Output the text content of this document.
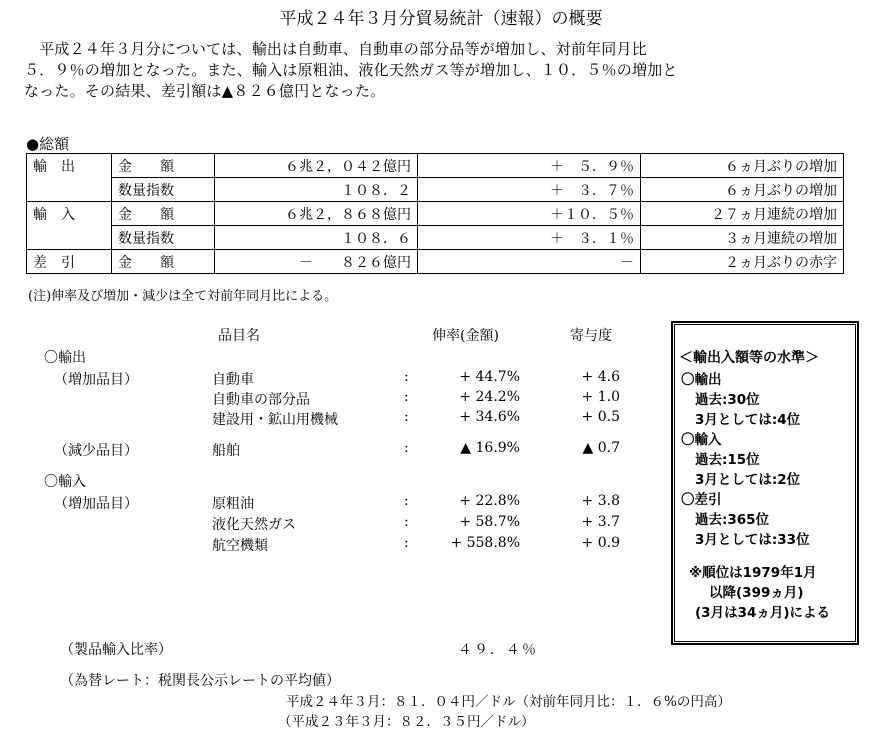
平成２４年３月分貿易統計（速報）の概要
　平成２４年３月分については、輸出は自動車、自動車の部分品等が増加し、対前年同月比
５．９％の増加となった。また、輸入は原粗油、液化天然ガス等が増加し、１０．５％の増加と
なった。その結果、差引額は▲８２６億円となった。
●総額
輸　出	金　　額	６兆２，０４２億円	＋　５．９％	６ヵ月ぶりの増加
	数量指数	１０８．２	＋　３．７％	６ヵ月ぶりの増加
輸　入	金　　額	６兆２，８６８億円	＋１０．５％	２７ヵ月連続の増加
	数量指数	１０８．６	＋　３．１％	３ヵ月連続の増加
差　引	金　　額	－　　８２６億円	－	２ヵ月ぶりの赤字
(注)伸率及び増加・減少は全て対前年同月比による。
品目名	伸率(金額)	寄与度
〇輸出
（増加品目）	自動車	:	+ 44.7%	+ 4.6
自動車の部分品	:	+ 24.2%	+ 1.0
建設用・鉱山用機械	:	+ 34.6%	+ 0.5
（減少品目）	船舶	:	▲ 16.9%	▲ 0.7
〇輸入
（増加品目）	原粗油	:	+ 22.8%	+ 3.8
液化天然ガス	:	+ 58.7%	+ 3.7
航空機類	:	+ 558.8%	+ 0.9
（製品輸入比率）	４９．４％
（為替レート：税関長公示レートの平均値）
平成２４年３月：８１．０４円／ドル（対前年同月比：１．６%の円高）
（平成２３年３月：８２．３５円／ドル）
＜輸出入額等の水準＞
〇輸出
過去:30位
3月としては:4位
〇輸入
過去:15位
3月としては:2位
〇差引
過去:365位
3月としては:33位
※順位は1979年1月
以降(399ヵ月)
(3月は34ヵ月)による
